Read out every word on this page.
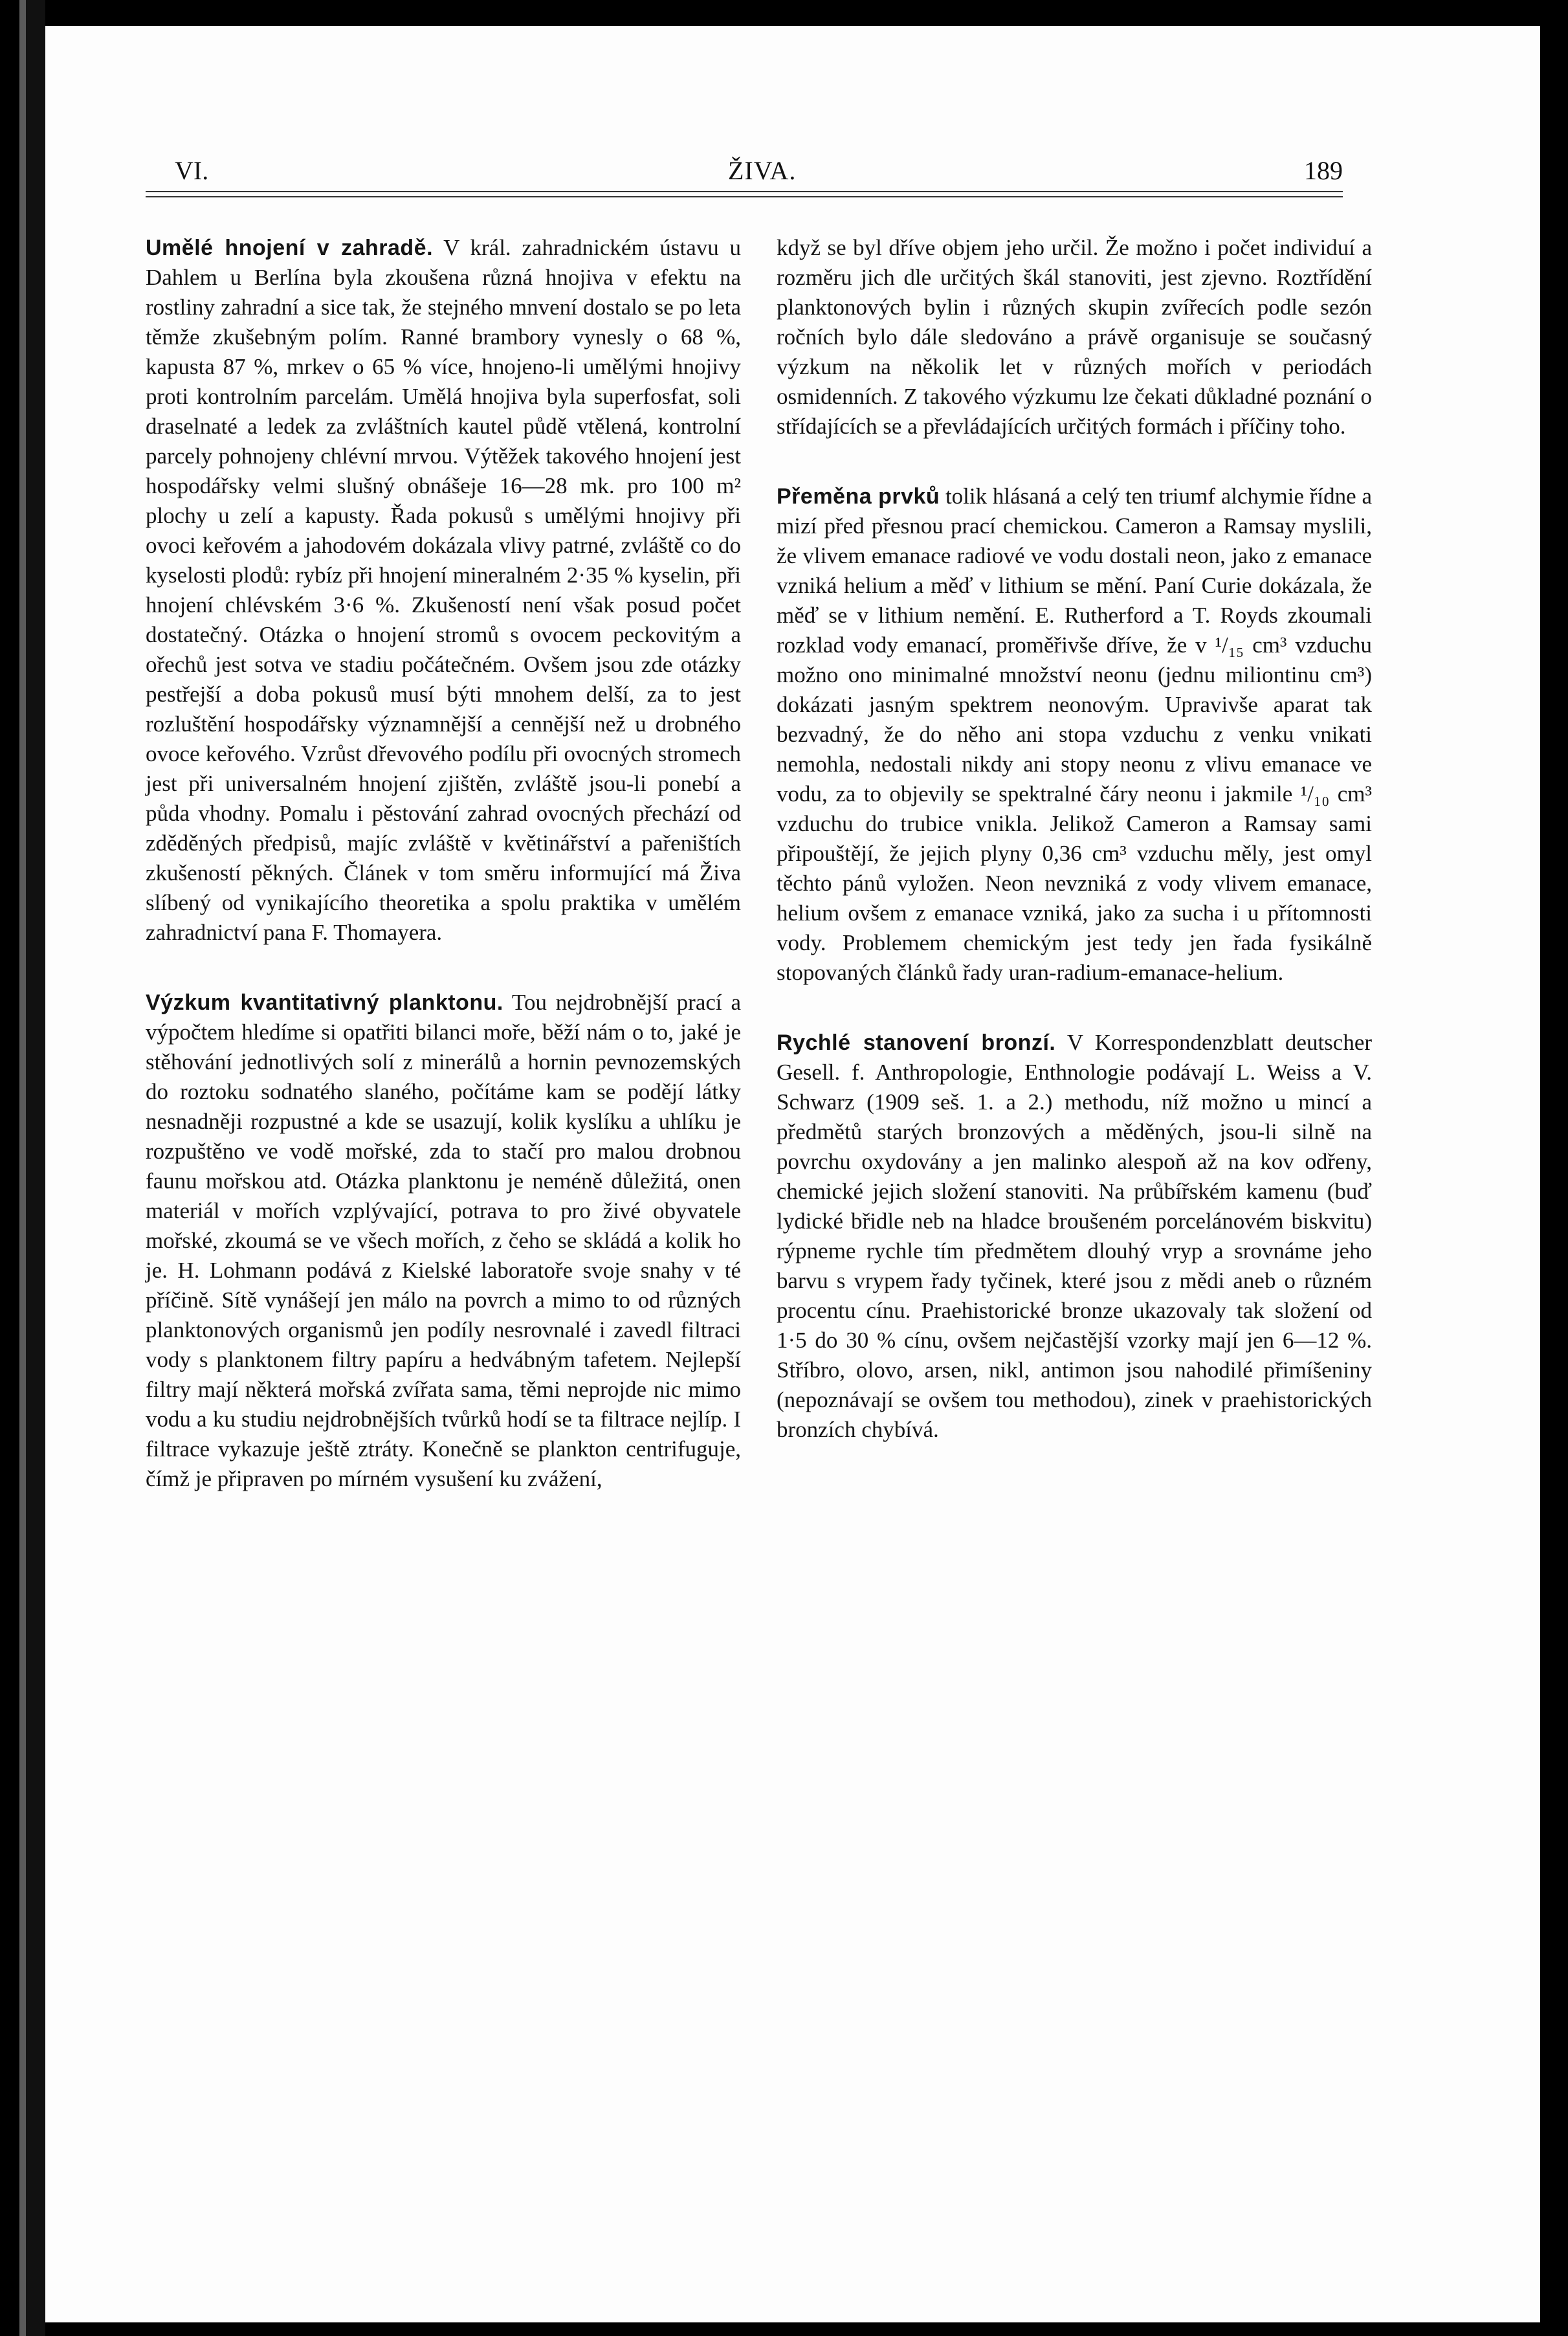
VI.	ŽIVA.	189

Umělé hnojení v zahradě. V král. zahradnickém ústavu u Dahlem u Berlína byla zkoušena různá hnojiva v efektu na rostliny zahradní a sice tak, že stejného mnvení dostalo se po leta těmže zkušebným polím. Ranné brambory vynesly o 68 %, kapusta 87 %, mrkev o 65 % více, hnojeno-li umělými hnojivy proti kontrolním parcelám. Umělá hnojiva byla superfosfat, soli draselnaté a ledek za zvláštních kautel půdě vtělená, kontrolní parcely pohnojeny chlévní mrvou. Výtěžek takového hnojení jest hospodářsky velmi slušný obnášeje 16—28 mk. pro 100 m² plochy u zelí a kapusty. Řada pokusů s umělými hnojivy při ovoci keřovém a jahodovém dokázala vlivy patrné, zvláště co do kyselosti plodů: rybíz při hnojení mineralném 2·35 % kyselin, při hnojení chlévském 3·6 %. Zkušeností není však posud počet dostatečný. Otázka o hnojení stromů s ovocem peckovitým a ořechů jest sotva ve stadiu počátečném. Ovšem jsou zde otázky pestřejší a doba pokusů musí býti mnohem delší, za to jest rozluštění hospodářsky významnější a cennější než u drobného ovoce keřového. Vzrůst dřevového podílu při ovocných stromech jest při universalném hnojení zjištěn, zvláště jsou-li ponebí a půda vhodny. Pomalu i pěstování zahrad ovocných přechází od zděděných předpisů, majíc zvláště v květinářství a pařeništích zkušeností pěkných. Článek v tom směru informující má Živa slíbený od vynikajícího theoretika a spolu praktika v umělém zahradnictví pana F. Thomayera.

Výzkum kvantitativný planktonu. Tou nejdrobnější prací a výpočtem hledíme si opatřiti bilanci moře, běží nám o to, jaké je stěhování jednotlivých solí z minerálů a hornin pevnozemských do roztoku sodnatého slaného, počítáme kam se podějí látky nesnadněji rozpustné a kde se usazují, kolik kyslíku a uhlíku je rozpuštěno ve vodě mořské, zda to stačí pro malou drobnou faunu mořskou atd. Otázka planktonu je neméně důležitá, onen materiál v mořích vzplývající, potrava to pro živé obyvatele mořské, zkoumá se ve všech mořích, z čeho se skládá a kolik ho je. H. Lohmann podává z Kielské laboratoře svoje snahy v té příčině. Sítě vynášejí jen málo na povrch a mimo to od různých planktonových organismů jen podíly nesrovnalé i zavedl filtraci vody s planktonem filtry papíru a hedvábným tafetem. Nejlepší filtry mají některá mořská zvířata sama, těmi neprojde nic mimo vodu a ku studiu nejdrobnějších tvůrků hodí se ta filtrace nejlíp. I filtrace vykazuje ještě ztráty. Konečně se plankton centrifuguje, čímž je připraven po mírném vysušení ku zvážení,

když se byl dříve objem jeho určil. Že možno i počet individuí a rozměru jich dle určitých škál stanoviti, jest zjevno. Roztřídění planktonových bylin i různých skupin zvířecích podle sezón ročních bylo dále sledováno a právě organisuje se současný výzkum na několik let v různých mořích v periodách osmidenních. Z takového výzkumu lze čekati důkladné poznání o střídajících se a převládajících určitých formách i příčiny toho.

Přeměna prvků tolik hlásaná a celý ten triumf alchymie řídne a mizí před přesnou prací chemickou. Cameron a Ramsay myslili, že vlivem emanace radiové ve vodu dostali neon, jako z emanace vzniká helium a měď v lithium se mění. Paní Curie dokázala, že měď se v lithium nemění. E. Rutherford a T. Royds zkoumali rozklad vody emanací, proměřivše dříve, že v ¹/₁₅ cm³ vzduchu možno ono minimalné množství neonu (jednu miliontinu cm³) dokázati jasným spektrem neonovým. Upravivše aparat tak bezvadný, že do něho ani stopa vzduchu z venku vnikati nemohla, nedostali nikdy ani stopy neonu z vlivu emanace ve vodu, za to objevily se spektralné čáry neonu i jakmile ¹/₁₀ cm³ vzduchu do trubice vnikla. Jelikož Cameron a Ramsay sami připouštějí, že jejich plyny 0,36 cm³ vzduchu měly, jest omyl těchto pánů vyložen. Neon nevzniká z vody vlivem emanace, helium ovšem z emanace vzniká, jako za sucha i u přítomnosti vody. Problemem chemickým jest tedy jen řada fysikálně stopovaných článků řady uran-radium-emanace-helium.

Rychlé stanovení bronzí. V Korrespondenzblatt deutscher Gesell. f. Anthropologie, Enthnologie podávají L. Weiss a V. Schwarz (1909 seš. 1. a 2.) methodu, níž možno u mincí a předmětů starých bronzových a měděných, jsou-li silně na povrchu oxydovány a jen malinko alespoň až na kov odřeny, chemické jejich složení stanoviti. Na průbířském kamenu (buď lydické břidle neb na hladce broušeném porcelánovém biskvitu) rýpneme rychle tím předmětem dlouhý vryp a srovnáme jeho barvu s vrypem řady tyčinek, které jsou z mědi aneb o různém procentu cínu. Praehistorické bronze ukazovaly tak složení od 1·5 do 30 % cínu, ovšem nejčastější vzorky mají jen 6—12 %. Stříbro, olovo, arsen, nikl, antimon jsou nahodilé přimíšeniny (nepoznávají se ovšem tou methodou), zinek v praehistorických bronzích chybívá.
